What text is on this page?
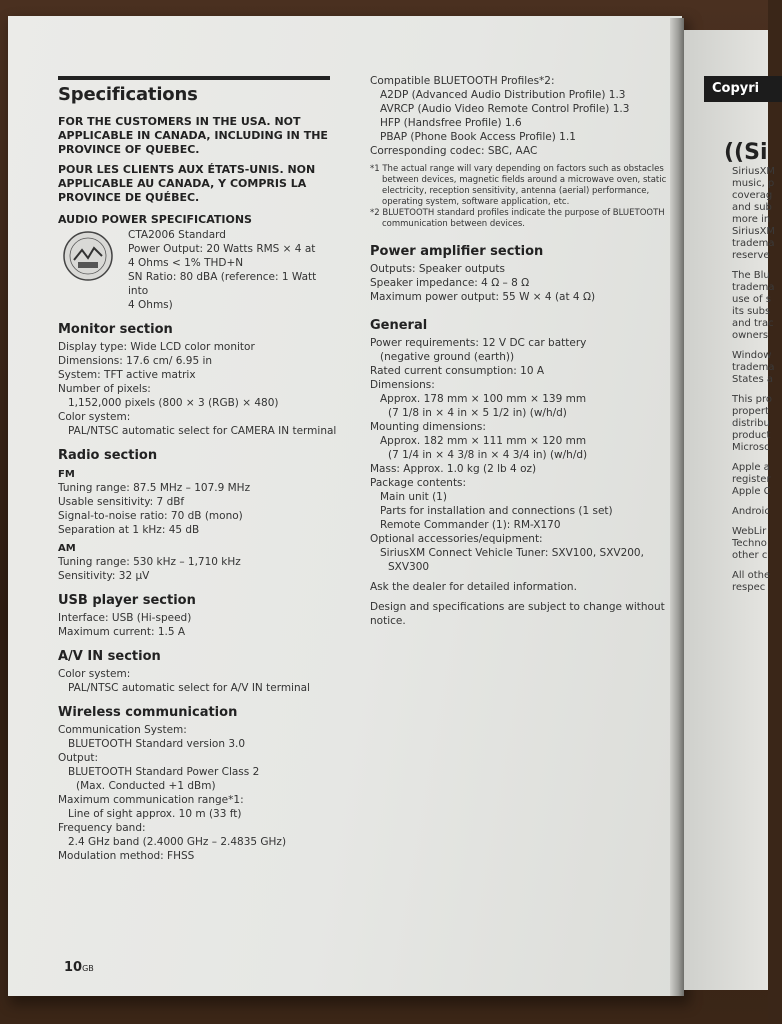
Specifications

FOR THE CUSTOMERS IN THE USA. NOT APPLICABLE IN CANADA, INCLUDING IN THE PROVINCE OF QUEBEC.

POUR LES CLIENTS AUX ÉTATS-UNIS. NON APPLICABLE AU CANADA, Y COMPRIS LA PROVINCE DE QUÉBEC.

AUDIO POWER SPECIFICATIONS

CTA2006 Standard

Power Output: 20 Watts RMS × 4 at

4 Ohms < 1% THD+N

SN Ratio: 80 dBA (reference: 1 Watt into

4 Ohms)

Monitor section

Display type: Wide LCD color monitor

Dimensions: 17.6 cm/ 6.95 in

System: TFT active matrix

Number of pixels:

1,152,000 pixels (800 × 3 (RGB) × 480)

Color system:

PAL/NTSC automatic select for CAMERA IN terminal

Radio section
FM

Tuning range: 87.5 MHz – 107.9 MHz

Usable sensitivity: 7 dBf

Signal-to-noise ratio: 70 dB (mono)

Separation at 1 kHz: 45 dB

AM

Tuning range: 530 kHz – 1,710 kHz

Sensitivity: 32 µV

USB player section

Interface: USB (Hi-speed)

Maximum current: 1.5 A

A/V IN section

Color system:

PAL/NTSC automatic select for A/V IN terminal

Wireless communication

Communication System:

BLUETOOTH Standard version 3.0

Output:

BLUETOOTH Standard Power Class 2

(Max. Conducted +1 dBm)

Maximum communication range*1:

Line of sight approx. 10 m (33 ft)

Frequency band:

2.4 GHz band (2.4000 GHz – 2.4835 GHz)

Modulation method: FHSS

Compatible BLUETOOTH Profiles*2:

A2DP (Advanced Audio Distribution Profile) 1.3

AVRCP (Audio Video Remote Control Profile) 1.3

HFP (Handsfree Profile) 1.6

PBAP (Phone Book Access Profile) 1.1

Corresponding codec: SBC, AAC

*1 The actual range will vary depending on factors such as obstacles between devices, magnetic fields around a microwave oven, static electricity, reception sensitivity, antenna (aerial) performance, operating system, software application, etc.

*2 BLUETOOTH standard profiles indicate the purpose of BLUETOOTH communication between devices.

Power amplifier section

Outputs: Speaker outputs

Speaker impedance: 4 Ω – 8 Ω

Maximum power output: 55 W × 4 (at 4 Ω)

General

Power requirements: 12 V DC car battery

(negative ground (earth))

Rated current consumption: 10 A

Dimensions:

Approx. 178 mm × 100 mm × 139 mm

(7 1/8 in × 4 in × 5 1/2 in) (w/h/d)

Mounting dimensions:

Approx. 182 mm × 111 mm × 120 mm

(7 1/4 in × 4 3/8 in × 4 3/4 in) (w/h/d)

Mass: Approx. 1.0 kg (2 lb 4 oz)

Package contents:

Main unit (1)

Parts for installation and connections (1 set)

Remote Commander (1): RM-X170

Optional accessories/equipment:

SiriusXM Connect Vehicle Tuner: SXV100, SXV200,

SXV300

Ask the dealer for detailed information.

Design and specifications are subject to change without notice.

10GB
Copyri
((Si
SiriusXM
music, p
coverag
and sub
more in
SiriusXM
tradema
reserve
The Blu
tradema
use of s
its subs
and trac
owners
Window
tradema
States a
This pro
propert
distribu
product
Microsc
Apple a
register
Apple C
Androic
WebLir
Techno
other c
All othe
respec
